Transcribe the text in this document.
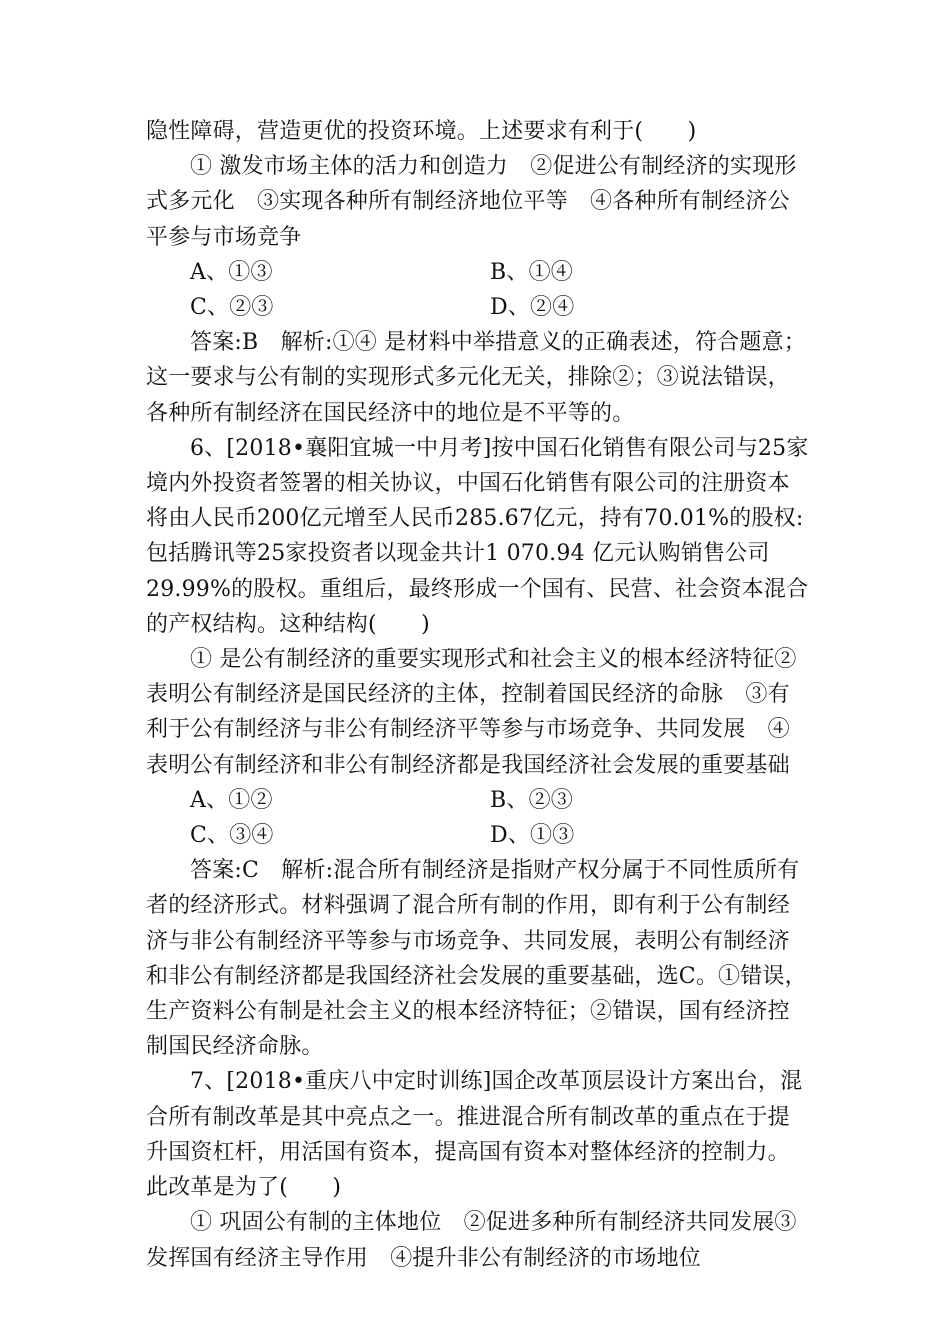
隐性障碍，营造更优的投资环境。上述要求有利于(　　)

① 激发市场主体的活力和创造力　②促进公有制经济的实现形式多元化　③实现各种所有制经济地位平等　④各种所有制经济公平参与市场竞争

A、①③	B、①④
C、②③	D、②④

答案:B　解析:①④ 是材料中举措意义的正确表述，符合题意；这一要求与公有制的实现形式多元化无关，排除②；③说法错误，各种所有制经济在国民经济中的地位是不平等的。

6、[2018•襄阳宜城一中月考]按中国石化销售有限公司与25家境内外投资者签署的相关协议，中国石化销售有限公司的注册资本将由人民币200亿元增至人民币285.67亿元，持有70.01%的股权:包括腾讯等25家投资者以现金共计1 070.94 亿元认购销售公司29.99%的股权。重组后，最终形成一个国有、民营、社会资本混合的产权结构。这种结构(　　)

① 是公有制经济的重要实现形式和社会主义的根本经济特征②表明公有制经济是国民经济的主体，控制着国民经济的命脉　③有利于公有制经济与非公有制经济平等参与市场竞争、共同发展　④表明公有制经济和非公有制经济都是我国经济社会发展的重要基础

A、①②	B、②③
C、③④	D、①③

答案:C　解析:混合所有制经济是指财产权分属于不同性质所有者的经济形式。材料强调了混合所有制的作用，即有利于公有制经济与非公有制经济平等参与市场竞争、共同发展，表明公有制经济和非公有制经济都是我国经济社会发展的重要基础，选C。①错误，生产资料公有制是社会主义的根本经济特征；②错误，国有经济控制国民经济命脉。

7、[2018•重庆八中定时训练]国企改革顶层设计方案出台，混合所有制改革是其中亮点之一。推进混合所有制改革的重点在于提升国资杠杆，用活国有资本，提高国有资本对整体经济的控制力。此改革是为了(　　)

① 巩固公有制的主体地位　②促进多种所有制经济共同发展③发挥国有经济主导作用　④提升非公有制经济的市场地位
